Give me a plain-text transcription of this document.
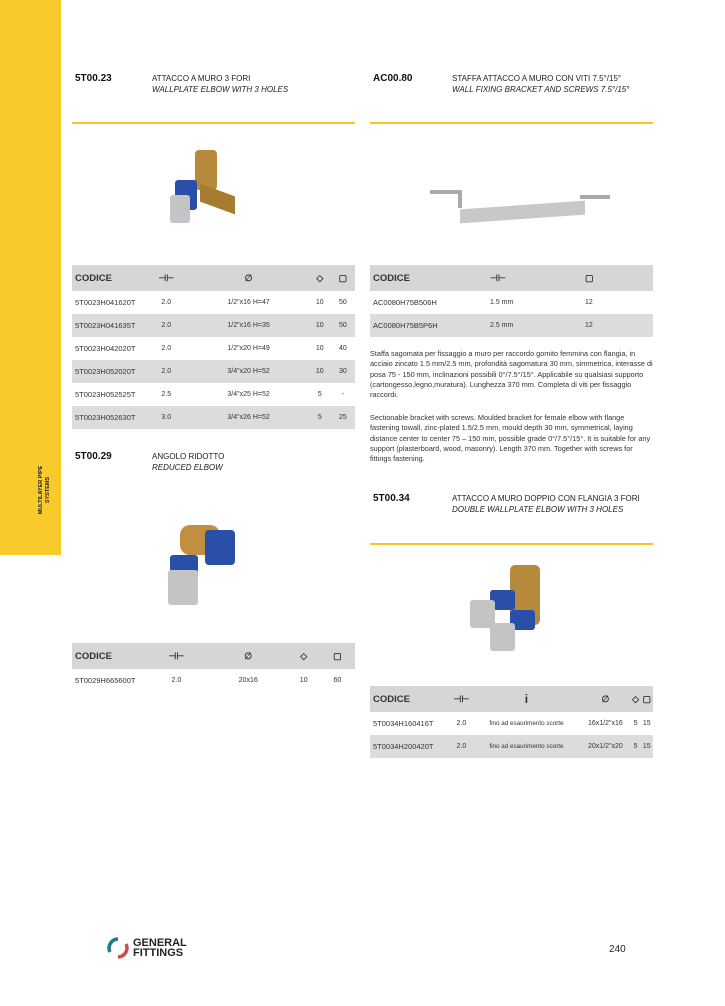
MULTILAYER PIPE SYSTEMS
5T00.23	ATTACCO A MURO 3 FORI
WALLPLATE ELBOW WITH 3 HOLES
CODICE	⊣⊢	∅	◇	▢
5T0023H041620T	2.0	1/2"x16 H=47	10	50
5T0023H041635T	2.0	1/2"x16 H=35	10	50
5T0023H042020T	2.0	1/2"x20 H=49	10	40
5T0023H052020T	2.0	3/4"x20 H=52	10	30
5T0023H052525T	2.5	3/4"x25 H=52	5	-
5T0023H052630T	3.0	3/4"x26 H=52	5	25
AC00.80	STAFFA ATTACCO A MURO CON VITI 7.5°/15°
WALL FIXING BRACKET AND SCREWS 7.5°/15°
CODICE	⊣⊢	▢
AC0080H75B506H	1.5 mm	12
AC0080H75B5P6H	2.5 mm	12
Staffa sagomata per fissaggio a muro per raccordo gomito femmina con flangia, in acciaio zincato 1.5 mm/2.5 mm, profondità sagomatura 30 mm, simmetrica, interasse di posa 75 - 150 mm, inclinazioni possibili 0°/7.5°/15°. Applicabile su qualsiasi supporto (cartongesso,legno,muratura). Lunghezza 370 mm. Completa di viti per fissaggio raccordi.
Sectionable bracket with screws. Moulded bracket for female elbow with flange fastening towall, zinc-plated 1.5/2.5 mm, mould depth 30 mm, symmetrical, laying distance center to center 75 – 150 mm, possible grade 0°/7.5°/15°. It is suitable for any support (plasterboard, wood, masonry). Length 370 mm. Together with screws for fittings fastening.
5T00.29	ANGOLO RIDOTTO
REDUCED ELBOW
CODICE	⊣⊢	∅	◇	▢
5T0029H665600T	2.0	20x16	10	60
5T00.34	ATTACCO A MURO DOPPIO CON FLANGIA 3 FORI
DOUBLE WALLPLATE ELBOW WITH 3 HOLES
CODICE	⊣⊢	i	∅	◇	▢
5T0034H160416T	2.0	fino ad esaurimento scorte	16x1/2"x16	5	15
5T0034H200420T	2.0	fino ad esaurimento scorte	20x1/2"x20	5	15
GENERAL
FITTINGS	240
